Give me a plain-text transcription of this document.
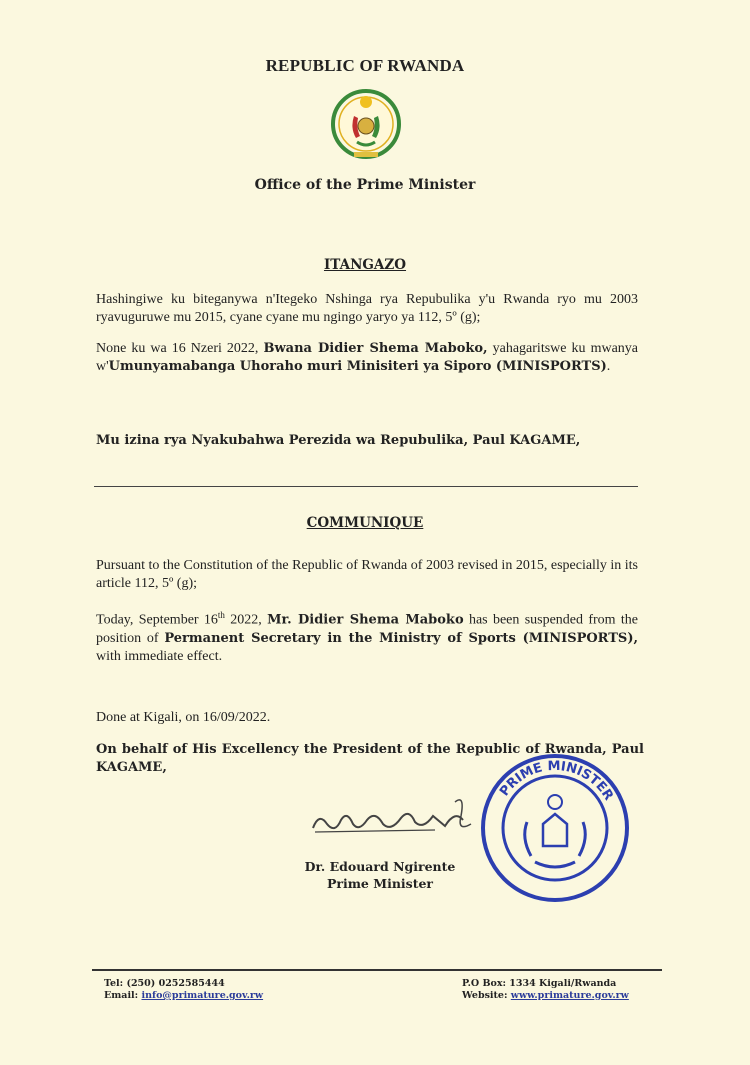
REPUBLIC OF RWANDA
Office of the Prime Minister
ITANGAZO
Hashingiwe ku biteganywa n'Itegeko Nshinga rya Repubulika y'u Rwanda ryo mu 2003 ryavuguruwe mu 2015, cyane cyane mu ngingo yaryo ya 112, 5º (g);
None ku wa 16 Nzeri 2022, Bwana Didier Shema Maboko, yahagaritswe ku mwanya w'Umunyamabanga Uhoraho muri Minisiteri ya Siporo (MINISPORTS).
Mu izina rya Nyakubahwa Perezida wa Repubulika, Paul KAGAME,
COMMUNIQUE
Pursuant to the Constitution of the Republic of Rwanda of 2003 revised in 2015, especially in its article 112, 5º (g);
Today, September 16th 2022, Mr. Didier Shema Maboko has been suspended from the position of Permanent Secretary in the Ministry of Sports (MINISPORTS), with immediate effect.
Done at Kigali, on 16/09/2022.
On behalf of His Excellency the President of the Republic of Rwanda, Paul KAGAME,
PRIME MINISTER
Dr. Edouard Ngirente
Prime Minister
Tel: (250) 0252585444
Email: info@primature.gov.rw
P.O Box: 1334 Kigali/Rwanda
Website: www.primature.gov.rw
